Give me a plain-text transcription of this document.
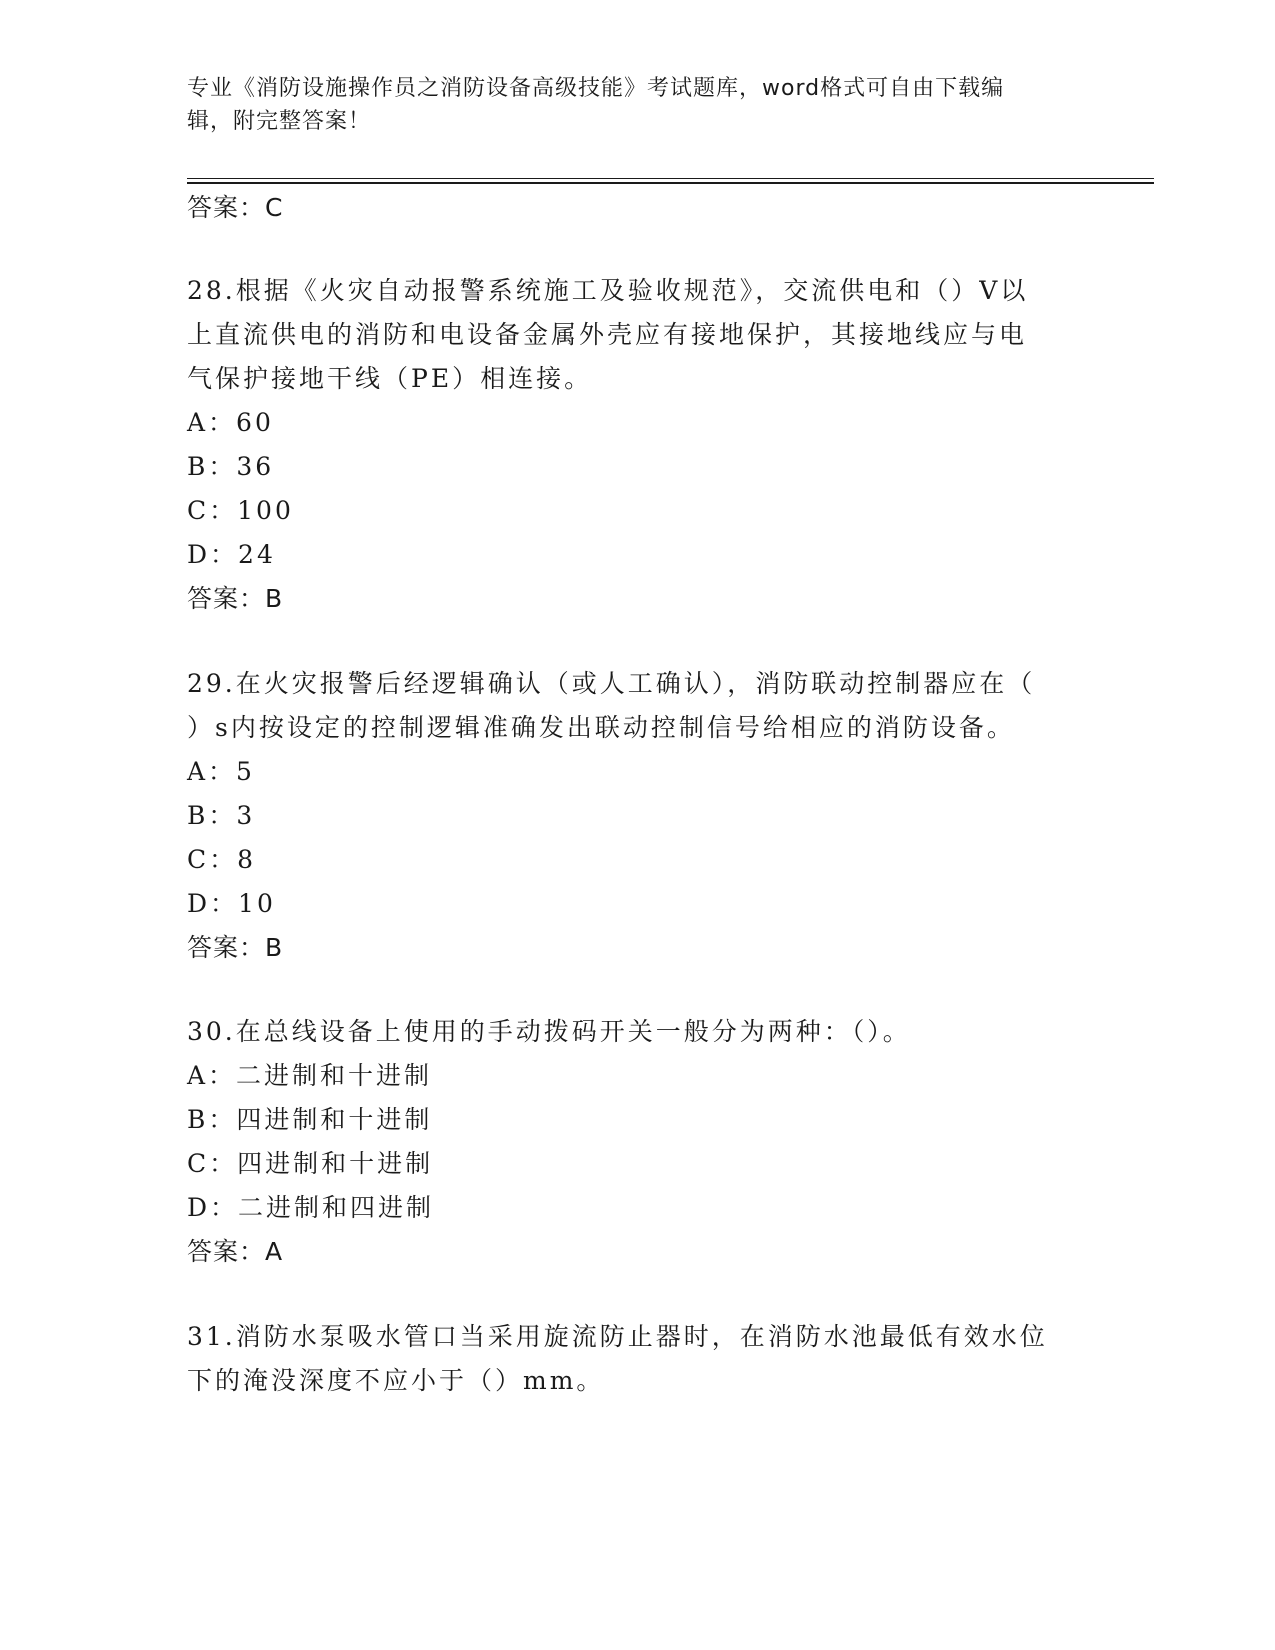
专业《消防设施操作员之消防设备高级技能》考试题库，word格式可自由下载编
辑，附完整答案！
答案：C
28.根据《火灾自动报警系统施工及验收规范》，交流供电和（）V以
上直流供电的消防和电设备金属外壳应有接地保护，其接地线应与电
气保护接地干线（PE）相连接。
A：60
B：36
C：100
D：24
答案：B
29.在火灾报警后经逻辑确认（或人工确认），消防联动控制器应在（
）s内按设定的控制逻辑准确发出联动控制信号给相应的消防设备。
A：5
B：3
C：8
D：10
答案：B
30.在总线设备上使用的手动拨码开关一般分为两种：（）。
A：二进制和十进制
B：四进制和十进制
C：四进制和十进制
D：二进制和四进制
答案：A
31.消防水泵吸水管口当采用旋流防止器时，在消防水池最低有效水位
下的淹没深度不应小于（）mm。
